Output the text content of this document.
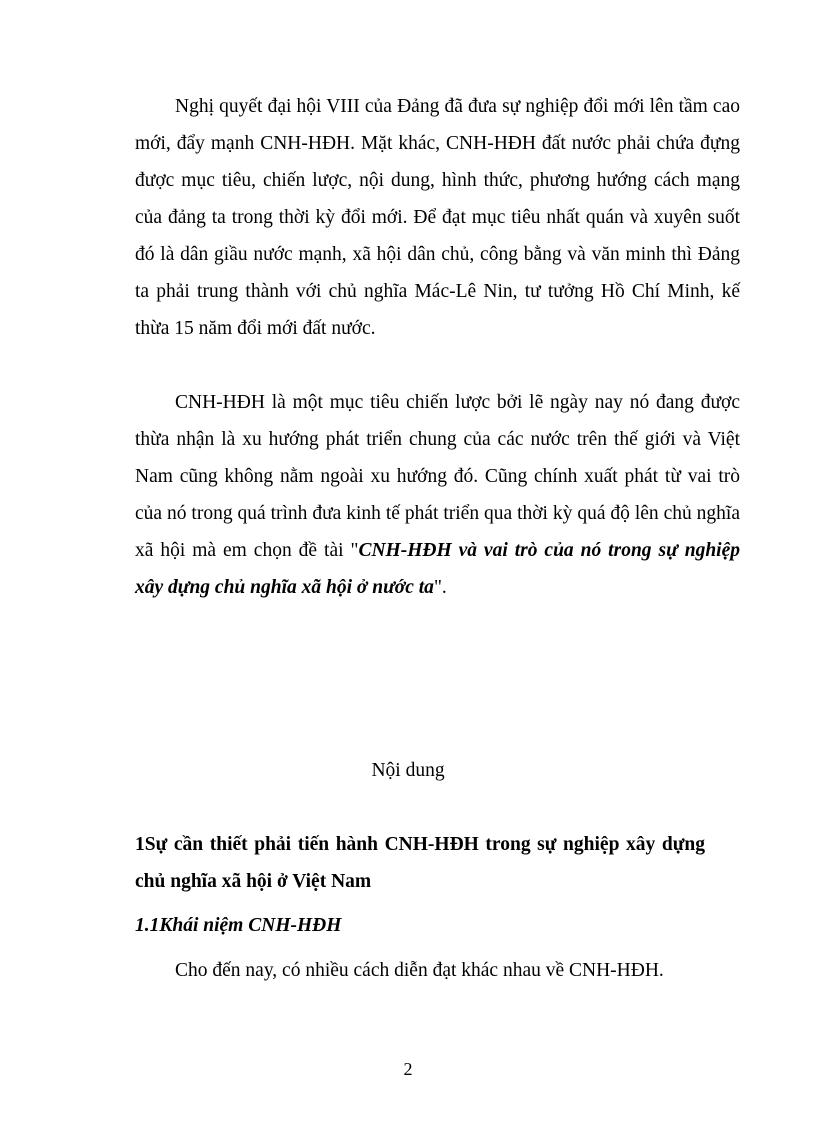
Nghị quyết đại hội VIII của Đảng đã đưa sự nghiệp đổi mới lên tầm cao mới, đẩy mạnh CNH-HĐH. Mặt khác, CNH-HĐH đất nước phải chứa đựng được mục tiêu, chiến lược, nội dung, hình thức, phương hướng cách mạng của đảng ta trong thời kỳ đổi mới. Để đạt mục tiêu nhất quán và xuyên suốt đó là dân giầu nước mạnh, xã hội dân chủ, công bằng và văn minh thì Đảng ta phải trung thành với chủ nghĩa Mác-Lê Nin, tư tưởng Hồ Chí Minh, kế thừa 15 năm đổi mới đất nước.

CNH-HĐH là một mục tiêu chiến lược bởi lẽ ngày nay nó đang được thừa nhận là xu hướng phát triển chung của các nước trên thế giới và Việt Nam cũng không nằm ngoài xu hướng đó. Cũng chính xuất phát từ vai trò của nó trong quá trình đưa kinh tế phát triển qua thời kỳ quá độ lên chủ nghĩa xã hội mà em chọn đề tài "CNH-HĐH và vai trò của nó trong sự nghiệp xây dựng chủ nghĩa xã hội ở nước ta".

Nội dung
1Sự cần thiết phải tiến hành CNH-HĐH trong sự nghiệp xây dựng chủ nghĩa xã hội ở Việt Nam
1.1Khái niệm CNH-HĐH

Cho đến nay, có nhiều cách diễn đạt khác nhau về CNH-HĐH.

2
